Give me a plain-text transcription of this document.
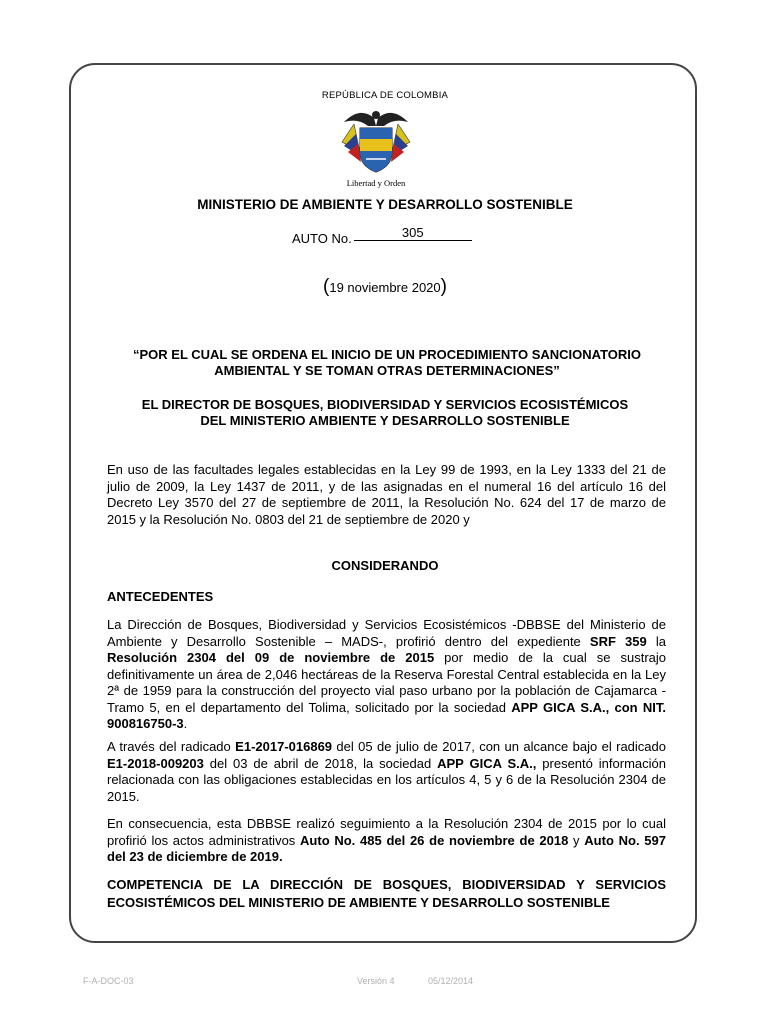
REPÚBLICA DE COLOMBIA
Libertad y Orden
MINISTERIO DE AMBIENTE Y DESARROLLO SOSTENIBLE
AUTO No.	305
(19 noviembre 2020)
“POR EL CUAL SE ORDENA EL INICIO DE UN PROCEDIMIENTO SANCIONATORIO AMBIENTAL Y SE TOMAN OTRAS DETERMINACIONES”
EL DIRECTOR DE BOSQUES, BIODIVERSIDAD Y SERVICIOS ECOSISTÉMICOS DEL MINISTERIO AMBIENTE Y DESARROLLO SOSTENIBLE
En uso de las facultades legales establecidas en la Ley 99 de 1993, en la Ley 1333 del 21 de julio de 2009, la Ley 1437 de 2011, y de las asignadas en el numeral 16 del artículo 16 del Decreto Ley 3570 del 27 de septiembre de 2011, la Resolución No. 624 del 17 de marzo de 2015 y la Resolución No. 0803 del 21 de septiembre de 2020 y
CONSIDERANDO
ANTECEDENTES
La Dirección de Bosques, Biodiversidad y Servicios Ecosistémicos -DBBSE del Ministerio de Ambiente y Desarrollo Sostenible – MADS-, profirió dentro del expediente SRF 359 la Resolución 2304 del 09 de noviembre de 2015 por medio de la cual se sustrajo definitivamente un área de 2,046 hectáreas de la Reserva Forestal Central establecida en la Ley 2ª de 1959 para la construcción del proyecto vial paso urbano por la población de Cajamarca - Tramo 5, en el departamento del Tolima, solicitado por la sociedad APP GICA S.A., con NIT. 900816750-3.
A través del radicado E1-2017-016869 del 05 de julio de 2017, con un alcance bajo el radicado E1-2018-009203 del 03 de abril de 2018, la sociedad APP GICA S.A., presentó información relacionada con las obligaciones establecidas en los artículos 4, 5 y 6 de la Resolución 2304 de 2015.
En consecuencia, esta DBBSE realizó seguimiento a la Resolución 2304 de 2015 por lo cual profirió los actos administrativos Auto No. 485 del 26 de noviembre de 2018 y Auto No. 597 del 23 de diciembre de 2019.
COMPETENCIA DE LA DIRECCIÓN DE BOSQUES, BIODIVERSIDAD Y SERVICIOS ECOSISTÉMICOS DEL MINISTERIO DE AMBIENTE Y DESARROLLO SOSTENIBLE
F-A-DOC-03	Versión 4	05/12/2014
